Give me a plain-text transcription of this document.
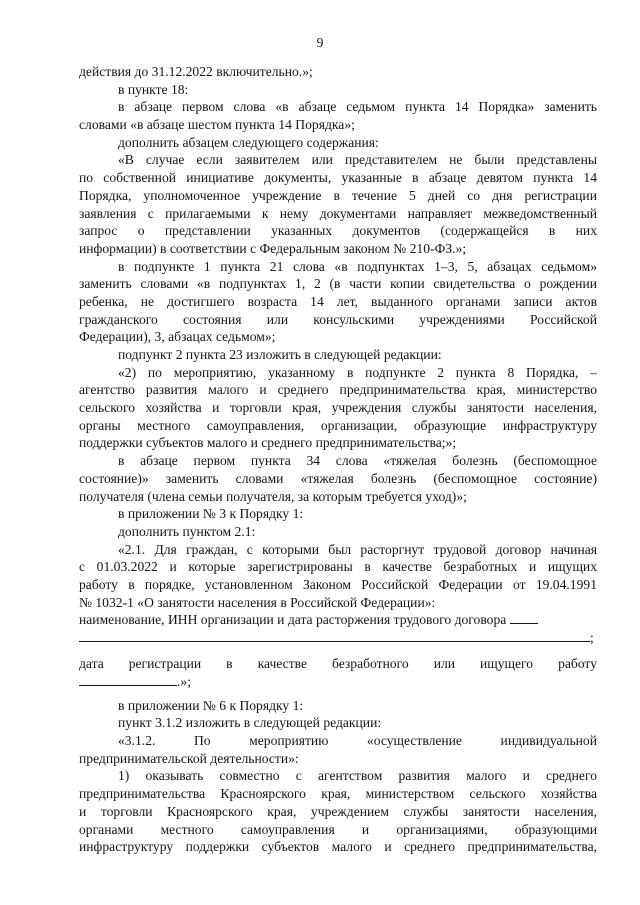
9
действия до 31.12.2022 включительно.»;
в пункте 18:
в абзаце первом слова «в абзаце седьмом пункта 14 Порядка» заменить
словами «в абзаце шестом пункта 14 Порядка»;
дополнить абзацем следующего содержания:
«В случае если заявителем или представителем не были представлены
по собственной инициативе документы, указанные в абзаце девятом пункта 14
Порядка, уполномоченное учреждение в течение 5 дней со дня регистрации
заявления с прилагаемыми к нему документами направляет межведомственный
запрос о представлении указанных документов (содержащейся в них
информации) в соответствии с Федеральным законом № 210-ФЗ.»;
в подпункте 1 пункта 21 слова «в подпунктах 1–3, 5, абзацах седьмом»
заменить словами «в подпунктах 1, 2 (в части копии свидетельства о рождении
ребенка, не достигшего возраста 14 лет, выданного органами записи актов
гражданского состояния или консульскими учреждениями Российской
Федерации), 3, абзацах седьмом»;
подпункт 2 пункта 23 изложить в следующей редакции:
«2) по мероприятию, указанному в подпункте 2 пункта 8 Порядка, –
агентство развития малого и среднего предпринимательства края, министерство
сельского хозяйства и торговли края, учреждения службы занятости населения,
органы местного самоуправления, организации, образующие инфраструктуру
поддержки субъектов малого и среднего предпринимательства;»;
в абзаце первом пункта 34 слова «тяжелая болезнь (беспомощное
состояние)» заменить словами «тяжелая болезнь (беспомощное состояние)
получателя (члена семьи получателя, за которым требуется уход)»;
в приложении № 3 к Порядку 1:
дополнить пунктом 2.1:
«2.1. Для граждан, с которыми был расторгнут трудовой договор начиная
с 01.03.2022 и которые зарегистрированы в качестве безработных и ищущих
работу в порядке, установленном Законом Российской Федерации от 19.04.1991
№ 1032-1 «О занятости населения в Российской Федерации»:
наименование, ИНН организации и дата расторжения трудового договора
;
дата регистрации в качестве безработного или ищущего работу
.»;
в приложении № 6 к Порядку 1:
пункт 3.1.2 изложить в следующей редакции:
«3.1.2. По мероприятию «осуществление индивидуальной
предпринимательской деятельности»:
1) оказывать совместно с агентством развития малого и среднего
предпринимательства Красноярского края, министерством сельского хозяйства
и торговли Красноярского края, учреждением службы занятости населения,
органами местного самоуправления и организациями, образующими
инфраструктуру поддержки субъектов малого и среднего предпринимательства,
